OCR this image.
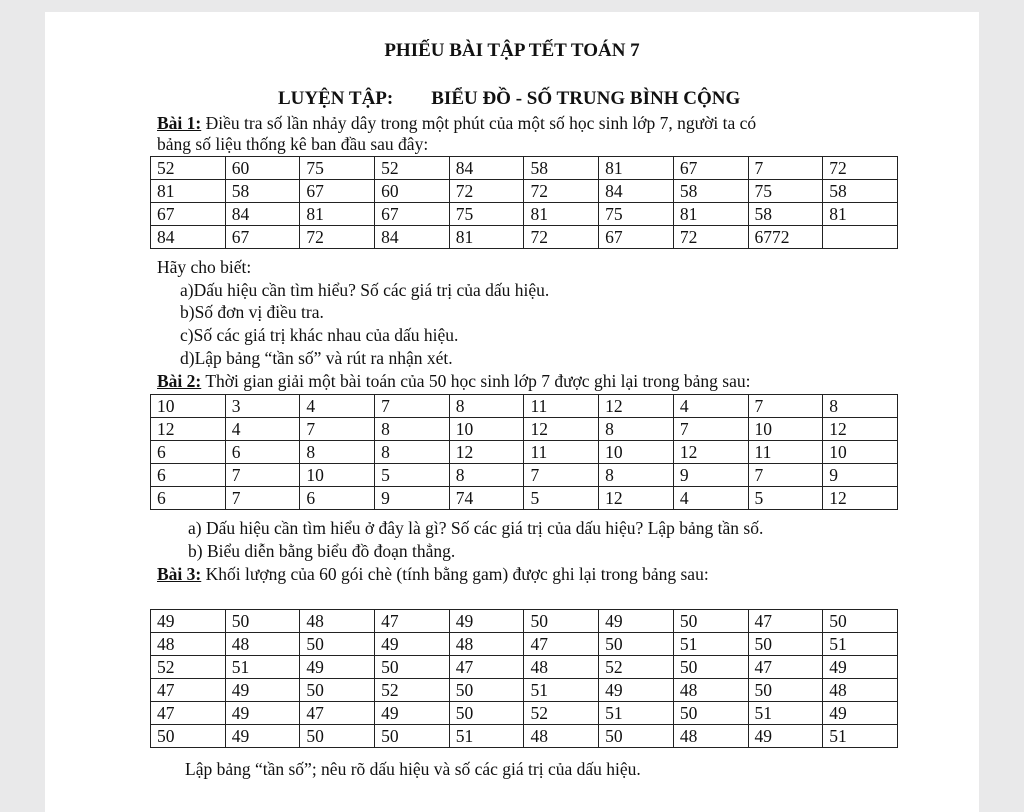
PHIẾU BÀI TẬP TẾT TOÁN 7

LUYỆN TẬP: BIỂU ĐỒ - SỐ TRUNG BÌNH CỘNG

Bài 1: Điều tra số lần nhảy dây trong một phút của một số học sinh lớp 7, người ta có

bảng số liệu thống kê ban đầu sau đây:

52	60	75	52	84	58	81	67	7	72
81	58	67	60	72	72	84	58	75	58
67	84	81	67	75	81	75	81	58	81
84	67	72	84	81	72	67	72	6772	

Hãy cho biết:

a)Dấu hiệu cần tìm hiểu? Số các giá trị của dấu hiệu.

b)Số đơn vị điều tra.

c)Số các giá trị khác nhau của dấu hiệu.

d)Lập bảng “tần số” và rút ra nhận xét.

Bài 2: Thời gian giải một bài toán của 50 học sinh lớp 7 được ghi lại trong bảng sau:

10	3	4	7	8	11	12	4	7	8
12	4	7	8	10	12	8	7	10	12
6	6	8	8	12	11	10	12	11	10
6	7	10	5	8	7	8	9	7	9
6	7	6	9	74	5	12	4	5	12

a) Dấu hiệu cần tìm hiểu ở đây là gì? Số các giá trị của dấu hiệu? Lập bảng tần số.

b) Biểu diễn bằng biểu đồ đoạn thẳng.

Bài 3: Khối lượng của 60 gói chè (tính bằng gam) được ghi lại trong bảng sau:

49	50	48	47	49	50	49	50	47	50
48	48	50	49	48	47	50	51	50	51
52	51	49	50	47	48	52	50	47	49
47	49	50	52	50	51	49	48	50	48
47	49	47	49	50	52	51	50	51	49
50	49	50	50	51	48	50	48	49	51

Lập bảng “tần số”; nêu rõ dấu hiệu và số các giá trị của dấu hiệu.
